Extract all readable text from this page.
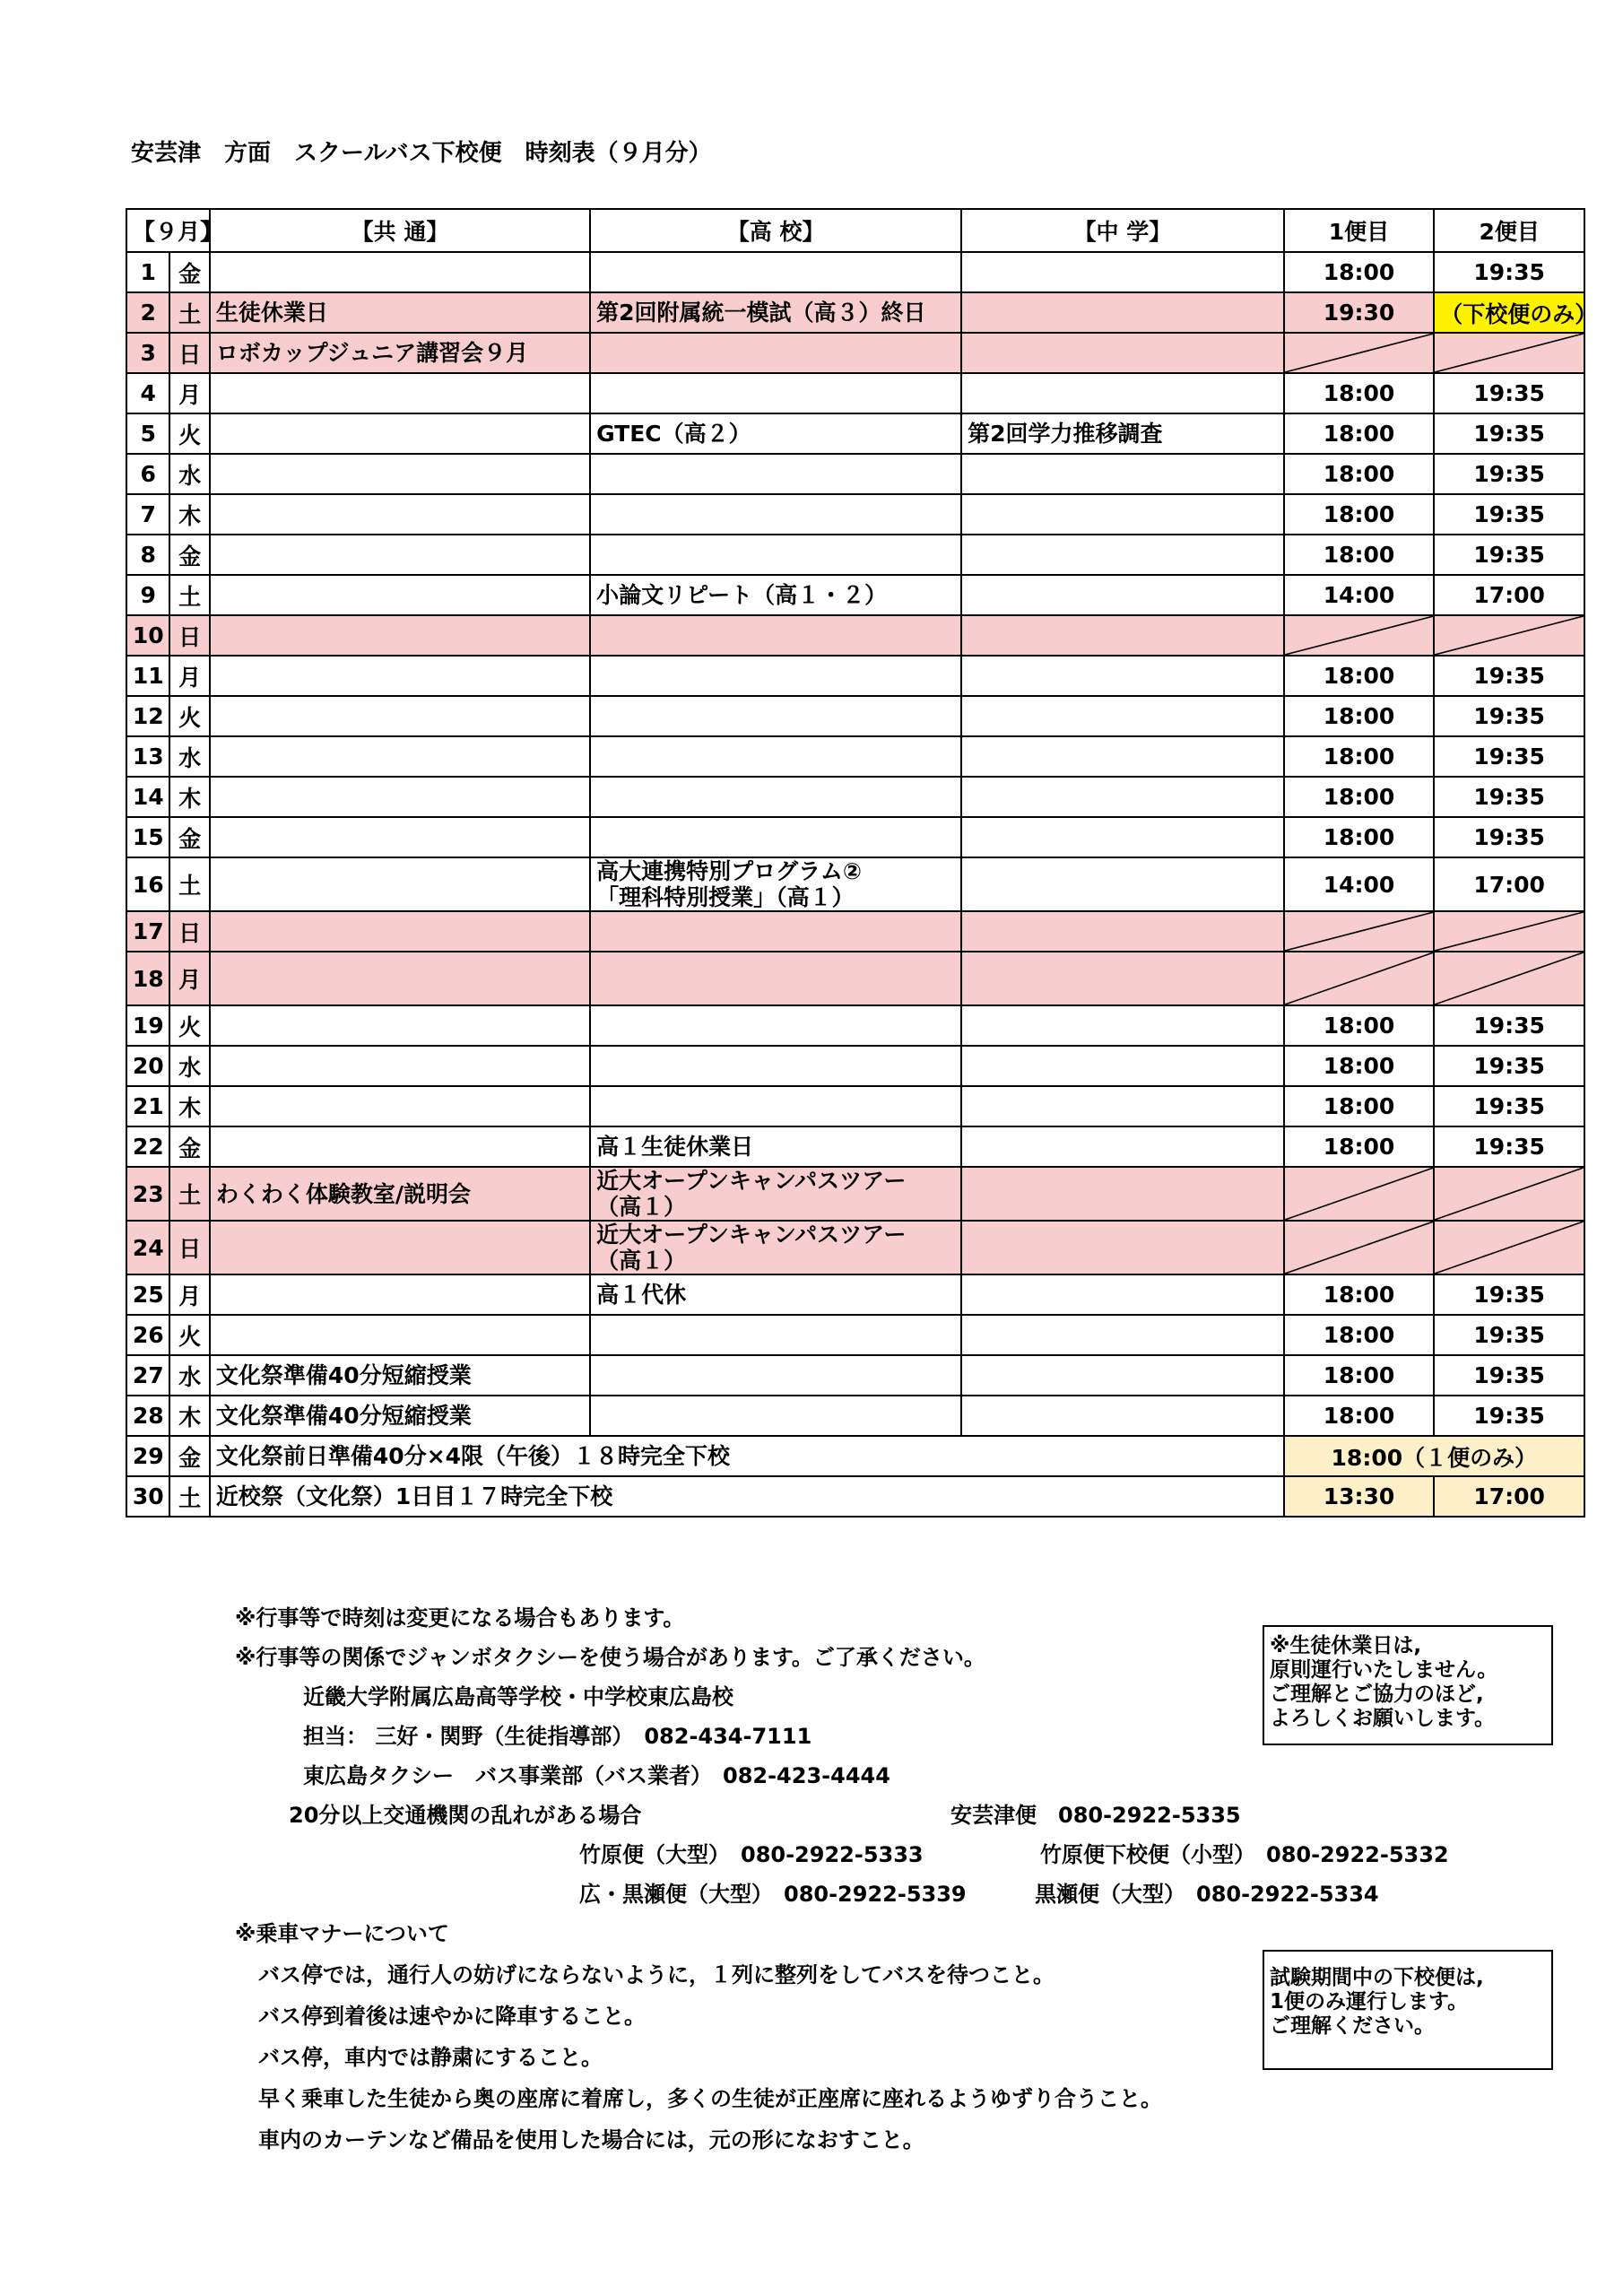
安芸津　方面　スクールバス下校便　時刻表（９月分）
【９月】		【共 通】	【高 校】	【中 学】	1便目	2便目
1	金				18:00	19:35
2	土	生徒休業日	第2回附属統一模試（高３）終日		19:30	（下校便のみ）
3	日	ロボカップジュニア講習会９月			

4	月				18:00	19:35
5	火		GTEC（高２）	第2回学力推移調査	18:00	19:35
6	水				18:00	19:35
7	木				18:00	19:35
8	金				18:00	19:35
9	土		小論文リピート（高１・２）		14:00	17:00
10	日				

11	月				18:00	19:35
12	火				18:00	19:35
13	水				18:00	19:35
14	木				18:00	19:35
15	金				18:00	19:35
16	土		高大連携特別プログラム②
「理科特別授業」（高１）		14:00	17:00
17	日				

18	月				

19	火				18:00	19:35
20	水				18:00	19:35
21	木				18:00	19:35
22	金		高１生徒休業日		18:00	19:35
23	土	わくわく体験教室/説明会	近大オープンキャンパスツアー
（高１）		

24	日		近大オープンキャンパスツアー
（高１）		

25	月		高１代休		18:00	19:35
26	火				18:00	19:35
27	水	文化祭準備40分短縮授業			18:00	19:35
28	木	文化祭準備40分短縮授業			18:00	19:35
29	金	文化祭前日準備40分×4限（午後）１８時完全下校			18:00（１便のみ）	
30	土	近校祭（文化祭）1日目１７時完全下校			13:30	17:00
※行事等で時刻は変更になる場合もあります。
※行事等の関係でジャンボタクシーを使う場合があります。ご了承ください。
近畿大学附属広島高等学校・中学校東広島校
担当： 三好・関野（生徒指導部）　082-434-7111
東広島タクシー　バス事業部（バス業者）　082-423-4444
20分以上交通機関の乱れがある場合	安芸津便　080-2922-5335
竹原便（大型）　080-2922-5333	竹原便下校便（小型）　080-2922-5332
広・黒瀬便（大型）　080-2922-5339	黒瀬便（大型）　080-2922-5334
※乗車マナーについて
バス停では，通行人の妨げにならないように，１列に整列をしてバスを待つこと。
バス停到着後は速やかに降車すること。
バス停，車内では静粛にすること。
早く乗車した生徒から奥の座席に着席し，多くの生徒が正座席に座れるようゆずり合うこと。
車内のカーテンなど備品を使用した場合には，元の形になおすこと。
※生徒休業日は,
原則運行いたしません。
ご理解とご協力のほど,
よろしくお願いします。
試験期間中の下校便は,
1便のみ運行します。
ご理解ください。
